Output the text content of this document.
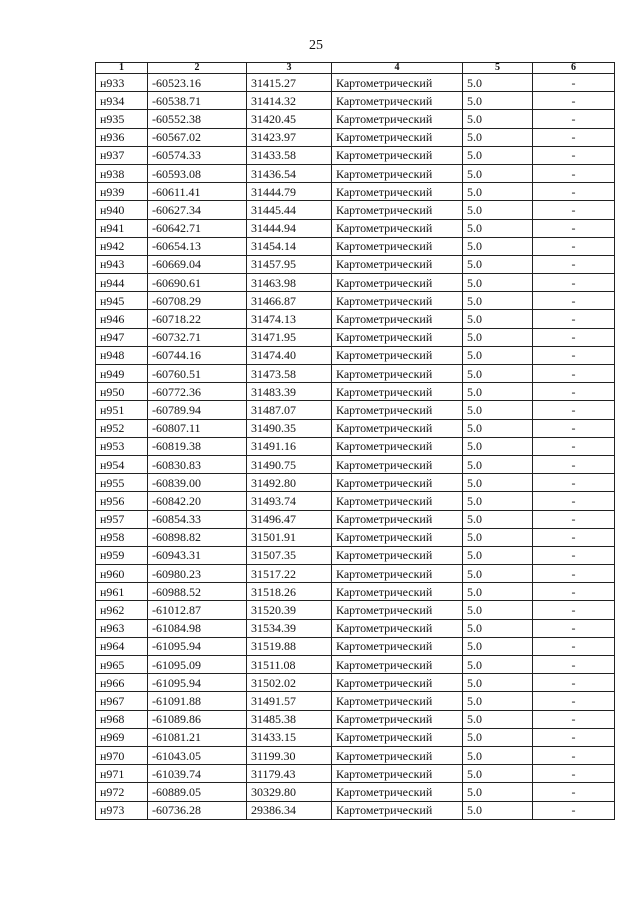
25
1	2	3	4	5	6
н933	-60523.16	31415.27	Картометрический	5.0	-
н934	-60538.71	31414.32	Картометрический	5.0	-
н935	-60552.38	31420.45	Картометрический	5.0	-
н936	-60567.02	31423.97	Картометрический	5.0	-
н937	-60574.33	31433.58	Картометрический	5.0	-
н938	-60593.08	31436.54	Картометрический	5.0	-
н939	-60611.41	31444.79	Картометрический	5.0	-
н940	-60627.34	31445.44	Картометрический	5.0	-
н941	-60642.71	31444.94	Картометрический	5.0	-
н942	-60654.13	31454.14	Картометрический	5.0	-
н943	-60669.04	31457.95	Картометрический	5.0	-
н944	-60690.61	31463.98	Картометрический	5.0	-
н945	-60708.29	31466.87	Картометрический	5.0	-
н946	-60718.22	31474.13	Картометрический	5.0	-
н947	-60732.71	31471.95	Картометрический	5.0	-
н948	-60744.16	31474.40	Картометрический	5.0	-
н949	-60760.51	31473.58	Картометрический	5.0	-
н950	-60772.36	31483.39	Картометрический	5.0	-
н951	-60789.94	31487.07	Картометрический	5.0	-
н952	-60807.11	31490.35	Картометрический	5.0	-
н953	-60819.38	31491.16	Картометрический	5.0	-
н954	-60830.83	31490.75	Картометрический	5.0	-
н955	-60839.00	31492.80	Картометрический	5.0	-
н956	-60842.20	31493.74	Картометрический	5.0	-
н957	-60854.33	31496.47	Картометрический	5.0	-
н958	-60898.82	31501.91	Картометрический	5.0	-
н959	-60943.31	31507.35	Картометрический	5.0	-
н960	-60980.23	31517.22	Картометрический	5.0	-
н961	-60988.52	31518.26	Картометрический	5.0	-
н962	-61012.87	31520.39	Картометрический	5.0	-
н963	-61084.98	31534.39	Картометрический	5.0	-
н964	-61095.94	31519.88	Картометрический	5.0	-
н965	-61095.09	31511.08	Картометрический	5.0	-
н966	-61095.94	31502.02	Картометрический	5.0	-
н967	-61091.88	31491.57	Картометрический	5.0	-
н968	-61089.86	31485.38	Картометрический	5.0	-
н969	-61081.21	31433.15	Картометрический	5.0	-
н970	-61043.05	31199.30	Картометрический	5.0	-
н971	-61039.74	31179.43	Картометрический	5.0	-
н972	-60889.05	30329.80	Картометрический	5.0	-
н973	-60736.28	29386.34	Картометрический	5.0	-
